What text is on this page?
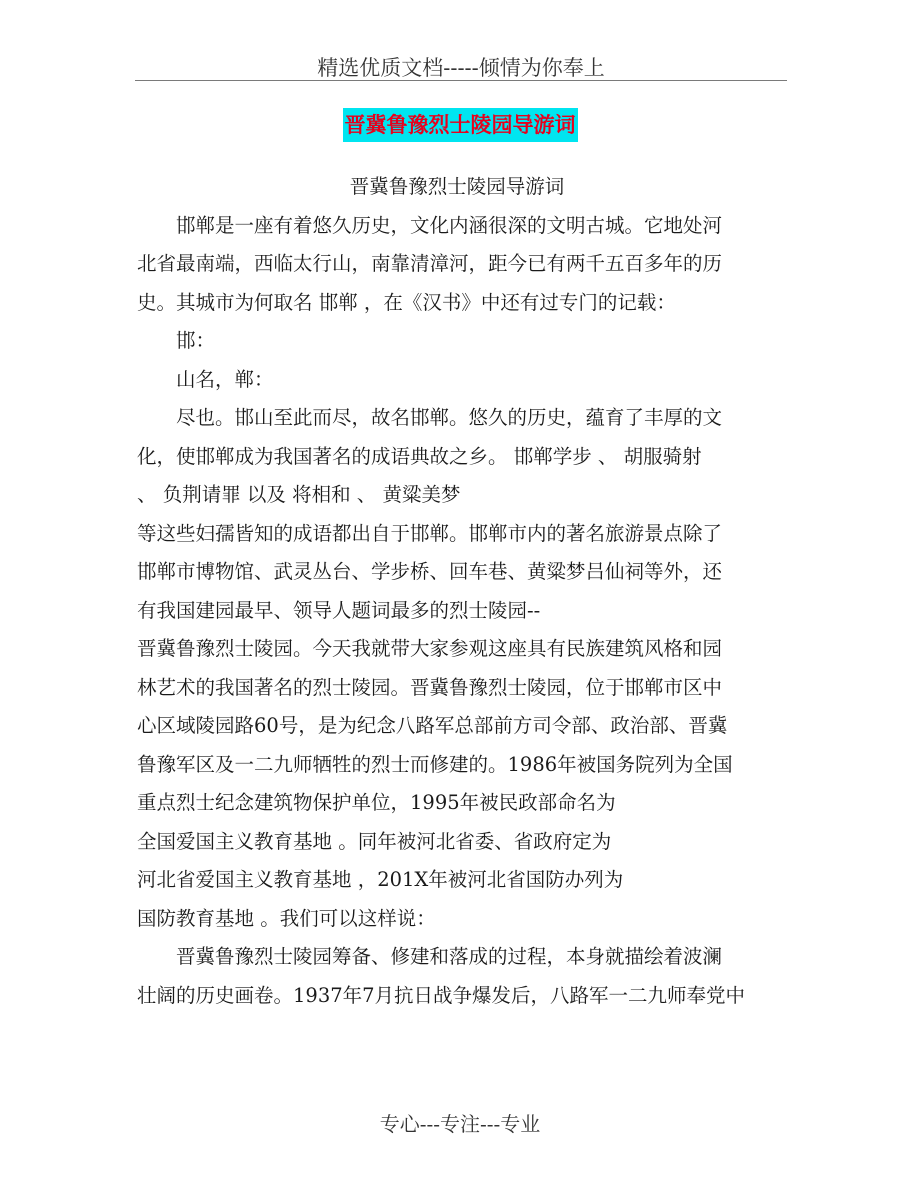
精选优质文档-----倾情为你奉上
晋冀鲁豫烈士陵园导游词
晋冀鲁豫烈士陵园导游词
　　邯郸是一座有着悠久历史，文化内涵很深的文明古城。它地处河
北省最南端，西临太行山，南靠清漳河，距今已有两千五百多年的历
史。其城市为何取名 邯郸 ，在《汉书》中还有过专门的记载：
　　邯：
　　山名，郸：
　　尽也。邯山至此而尽，故名邯郸。悠久的历史，蕴育了丰厚的文
化，使邯郸成为我国著名的成语典故之乡。 邯郸学步 、 胡服骑射
、 负荆请罪 以及 将相和 、 黄粱美梦
等这些妇孺皆知的成语都出自于邯郸。邯郸市内的著名旅游景点除了
邯郸市博物馆、武灵丛台、学步桥、回车巷、黄粱梦吕仙祠等外，还
有我国建园最早、领导人题词最多的烈士陵园--
晋冀鲁豫烈士陵园。今天我就带大家参观这座具有民族建筑风格和园
林艺术的我国著名的烈士陵园。晋冀鲁豫烈士陵园，位于邯郸市区中
心区域陵园路60号，是为纪念八路军总部前方司令部、政治部、晋冀
鲁豫军区及一二九师牺牲的烈士而修建的。1986年被国务院列为全国
重点烈士纪念建筑物保护单位，1995年被民政部命名为
全国爱国主义教育基地 。同年被河北省委、省政府定为
河北省爱国主义教育基地 ，201X年被河北省国防办列为
国防教育基地 。我们可以这样说：
　　晋冀鲁豫烈士陵园筹备、修建和落成的过程，本身就描绘着波澜
壮阔的历史画卷。1937年7月抗日战争爆发后，八路军一二九师奉党中
专心---专注---专业
